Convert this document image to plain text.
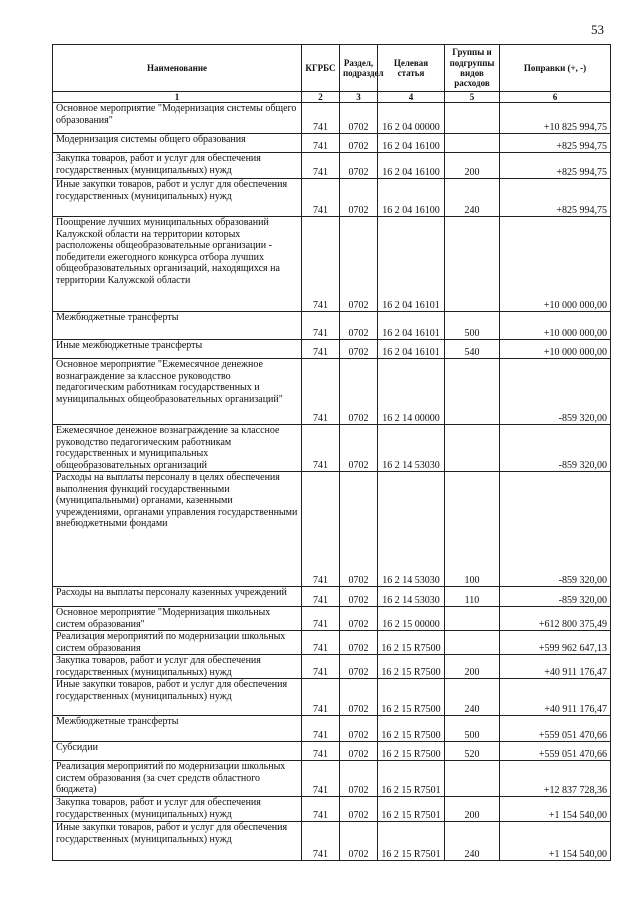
53
Наименование	КГРБС	Раздел, подраздел	Целевая статья	Группы и подгруппы видов расходов	Поправки (+, -)
1	2	3	4	5	6
Основное мероприятие "Модернизация системы общего образования"	741	0702	16 2 04 00000		+10 825 994,75
Модернизация системы общего образования	741	0702	16 2 04 16100		+825 994,75
Закупка товаров, работ и услуг для обеспечения государственных (муниципальных) нужд	741	0702	16 2 04 16100	200	+825 994,75
Иные закупки товаров, работ и услуг для обеспечения государственных (муниципальных) нужд	741	0702	16 2 04 16100	240	+825 994,75
Поощрение лучших муниципальных образований Калужской области на территории которых расположены общеобразовательные организации - победители ежегодного конкурса отбора лучших общеобразовательных организаций, находящихся на территории Калужской области	741	0702	16 2 04 16101		+10 000 000,00
Межбюджетные трансферты	741	0702	16 2 04 16101	500	+10 000 000,00
Иные межбюджетные трансферты	741	0702	16 2 04 16101	540	+10 000 000,00
Основное мероприятие "Ежемесячное денежное вознаграждение за классное руководство педагогическим работникам государственных и муниципальных общеобразовательных организаций"	741	0702	16 2 14 00000		-859 320,00
Ежемесячное денежное вознаграждение за классное руководство педагогическим работникам государственных и муниципальных общеобразовательных организаций	741	0702	16 2 14 53030		-859 320,00
Расходы на выплаты персоналу в целях обеспечения выполнения функций государственными (муниципальными) органами, казенными учреждениями, органами управления государственными внебюджетными фондами	741	0702	16 2 14 53030	100	-859 320,00
Расходы на выплаты персоналу казенных учреждений	741	0702	16 2 14 53030	110	-859 320,00
Основное мероприятие "Модернизация школьных систем образования"	741	0702	16 2 15 00000		+612 800 375,49
Реализация мероприятий по модернизации школьных систем образования	741	0702	16 2 15 R7500		+599 962 647,13
Закупка товаров, работ и услуг для обеспечения государственных (муниципальных) нужд	741	0702	16 2 15 R7500	200	+40 911 176,47
Иные закупки товаров, работ и услуг для обеспечения государственных (муниципальных) нужд	741	0702	16 2 15 R7500	240	+40 911 176,47
Межбюджетные трансферты	741	0702	16 2 15 R7500	500	+559 051 470,66
Субсидии	741	0702	16 2 15 R7500	520	+559 051 470,66
Реализация мероприятий по модернизации школьных систем образования (за счет средств областного бюджета)	741	0702	16 2 15 R7501		+12 837 728,36
Закупка товаров, работ и услуг для обеспечения государственных (муниципальных) нужд	741	0702	16 2 15 R7501	200	+1 154 540,00
Иные закупки товаров, работ и услуг для обеспечения государственных (муниципальных) нужд	741	0702	16 2 15 R7501	240	+1 154 540,00
